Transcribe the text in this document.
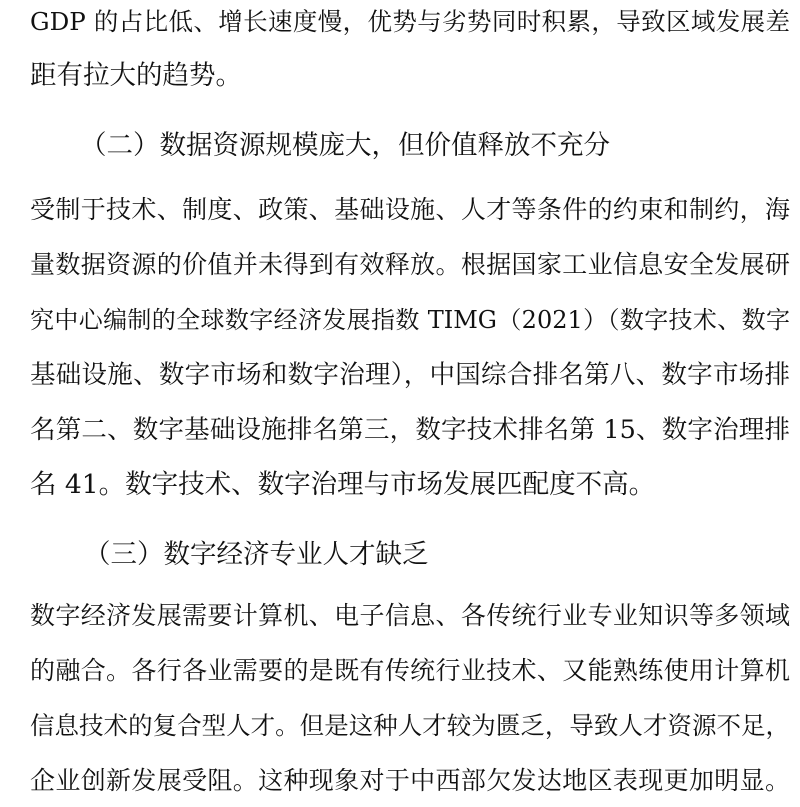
GDP 的占比低、增长速度慢，优势与劣势同时积累，导致区域发展差
距有拉大的趋势。
（二）数据资源规模庞大，但价值释放不充分
受制于技术、制度、政策、基础设施、人才等条件的约束和制约，海
量数据资源的价值并未得到有效释放。根据国家工业信息安全发展研
究中心编制的全球数字经济发展指数 TIMG（2021）（数字技术、数字
基础设施、数字市场和数字治理），中国综合排名第八、数字市场排
名第二、数字基础设施排名第三，数字技术排名第 15、数字治理排
名 41。数字技术、数字治理与市场发展匹配度不高。
（三）数字经济专业人才缺乏
数字经济发展需要计算机、电子信息、各传统行业专业知识等多领域
的融合。各行各业需要的是既有传统行业技术、又能熟练使用计算机
信息技术的复合型人才。但是这种人才较为匮乏，导致人才资源不足，
企业创新发展受阻。这种现象对于中西部欠发达地区表现更加明显。
